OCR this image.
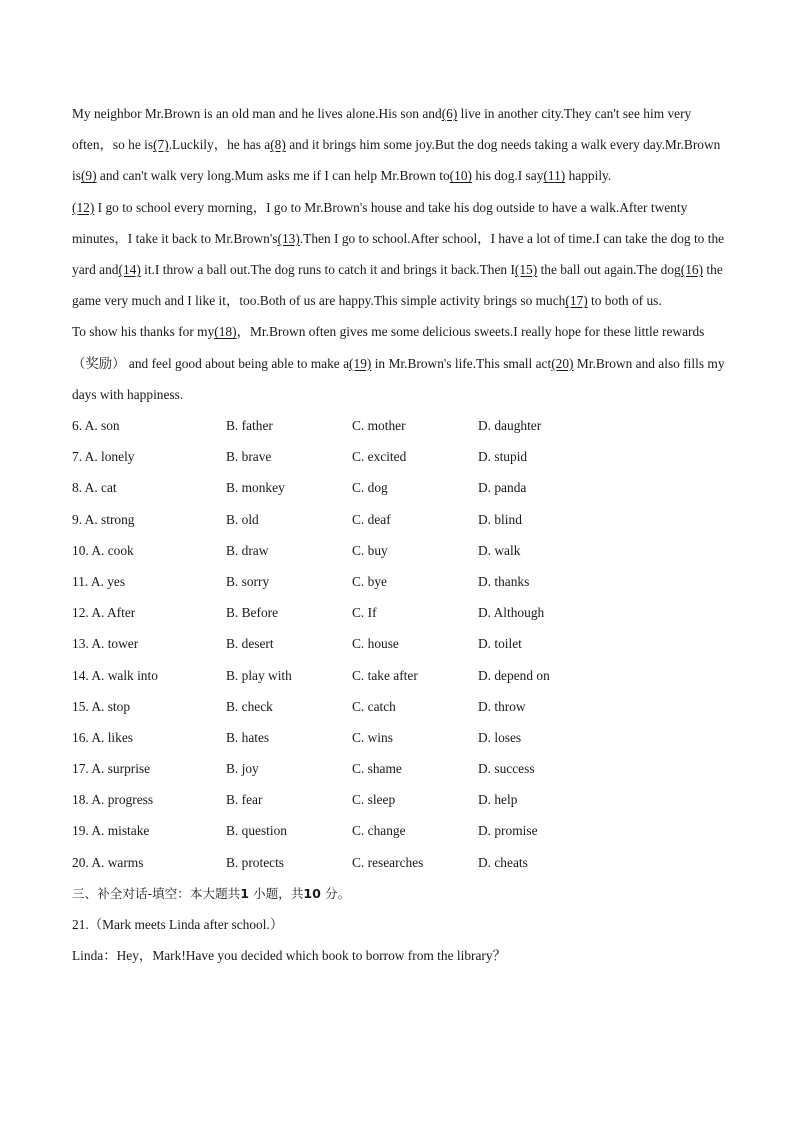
My neighbor Mr.Brown is an old man and he lives alone.His son and(6) live in another city.They can't see him very often，so he is(7).Luckily，he has a(8) and it brings him some joy.But the dog needs taking a walk every day.Mr.Brown is(9) and can't walk very long.Mum asks me if I can help Mr.Brown to(10) his dog.I say(11) happily.

(12) I go to school every morning，I go to Mr.Brown's house and take his dog outside to have a walk.After twenty minutes，I take it back to Mr.Brown's(13).Then I go to school.After school，I have a lot of time.I can take the dog to the yard and(14) it.I throw a ball out.The dog runs to catch it and brings it back.Then I(15) the ball out again.The dog(16) the game very much and I like it，too.Both of us are happy.This simple activity brings so much(17) to both of us.

To show his thanks for my(18)，Mr.Brown often gives me some delicious sweets.I really hope for these little rewards（奖励） and feel good about being able to make a(19) in Mr.Brown's life.This small act(20) Mr.Brown and also fills my days with happiness.

6. A. son	B. father	C. mother	D. daughter
7. A. lonely	B. brave	C. excited	D. stupid
8. A. cat	B. monkey	C. dog	D. panda
9. A. strong	B. old	C. deaf	D. blind
10. A. cook	B. draw	C. buy	D. walk
11. A. yes	B. sorry	C. bye	D. thanks
12. A. After	B. Before	C. If	D. Although
13. A. tower	B. desert	C. house	D. toilet
14. A. walk into	B. play with	C. take after	D. depend on
15. A. stop	B. check	C. catch	D. throw
16. A. likes	B. hates	C. wins	D. loses
17. A. surprise	B. joy	C. shame	D. success
18. A. progress	B. fear	C. sleep	D. help
19. A. mistake	B. question	C. change	D. promise
20. A. warms	B. protects	C. researches	D. cheats

三、补全对话-填空：本大题共1 小题，共10 分。

21.（Mark meets Linda after school.）

Linda：Hey，Mark!Have you decided which book to borrow from the library？
